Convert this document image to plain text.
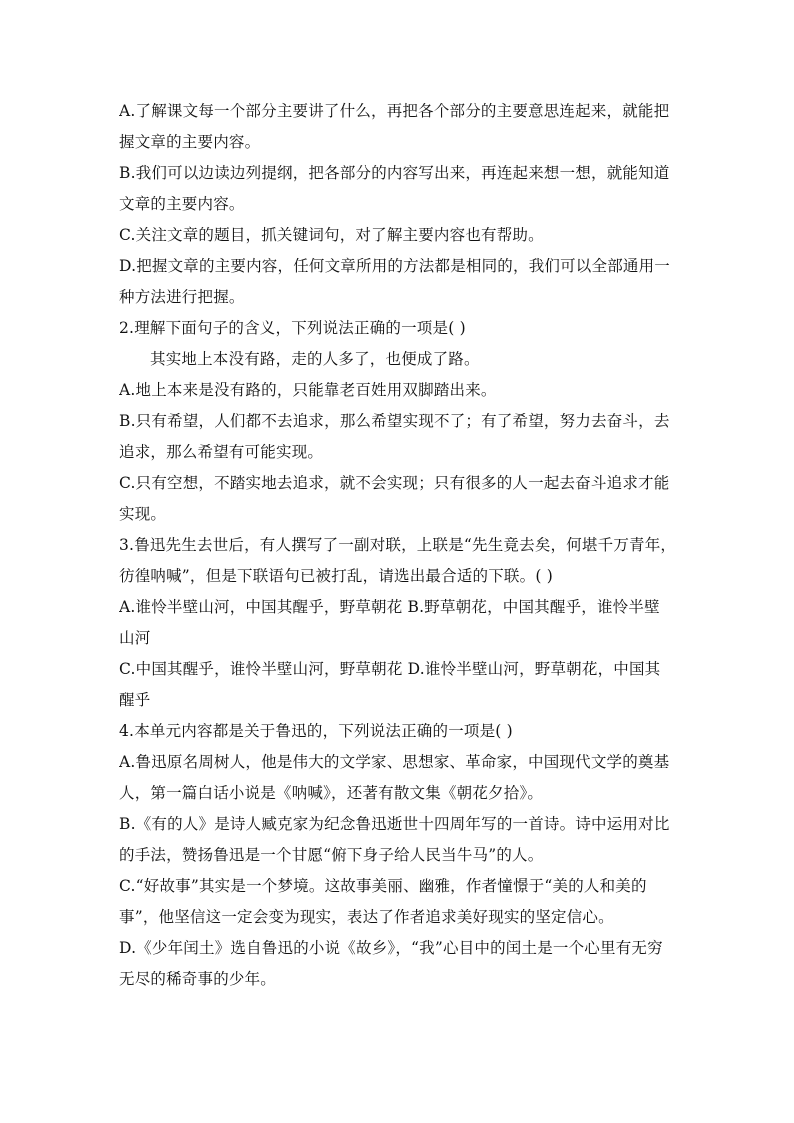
A.了解课文每一个部分主要讲了什么，再把各个部分的主要意思连起来，就能把
握文章的主要内容。
B.我们可以边读边列提纲，把各部分的内容写出来，再连起来想一想，就能知道
文章的主要内容。
C.关注文章的题目，抓关键词句，对了解主要内容也有帮助。
D.把握文章的主要内容，任何文章所用的方法都是相同的，我们可以全部通用一
种方法进行把握。
2.理解下面句子的含义，下列说法正确的一项是( )
其实地上本没有路，走的人多了，也便成了路。
A.地上本来是没有路的，只能靠老百姓用双脚踏出来。
B.只有希望，人们都不去追求，那么希望实现不了；有了希望，努力去奋斗，去
追求，那么希望有可能实现。
C.只有空想，不踏实地去追求，就不会实现；只有很多的人一起去奋斗追求才能
实现。
3.鲁迅先生去世后，有人撰写了一副对联，上联是“先生竟去矣，何堪千万青年，
彷徨呐喊”，但是下联语句已被打乱，请选出最合适的下联。( )
A.谁怜半壁山河，中国其醒乎，野草朝花 B.野草朝花，中国其醒乎，谁怜半壁
山河
C.中国其醒乎，谁怜半壁山河，野草朝花 D.谁怜半壁山河，野草朝花，中国其
醒乎
4.本单元内容都是关于鲁迅的，下列说法正确的一项是( )
A.鲁迅原名周树人，他是伟大的文学家、思想家、革命家，中国现代文学的奠基
人，第一篇白话小说是《呐喊》，还著有散文集《朝花夕拾》。
B.《有的人》是诗人臧克家为纪念鲁迅逝世十四周年写的一首诗。诗中运用对比
的手法，赞扬鲁迅是一个甘愿“俯下身子给人民当牛马”的人。
C.“好故事”其实是一个梦境。这故事美丽、幽雅，作者憧憬于“美的人和美的
事”，他坚信这一定会变为现实，表达了作者追求美好现实的坚定信心。
D.《少年闰土》选自鲁迅的小说《故乡》，“我”心目中的闰土是一个心里有无穷
无尽的稀奇事的少年。
